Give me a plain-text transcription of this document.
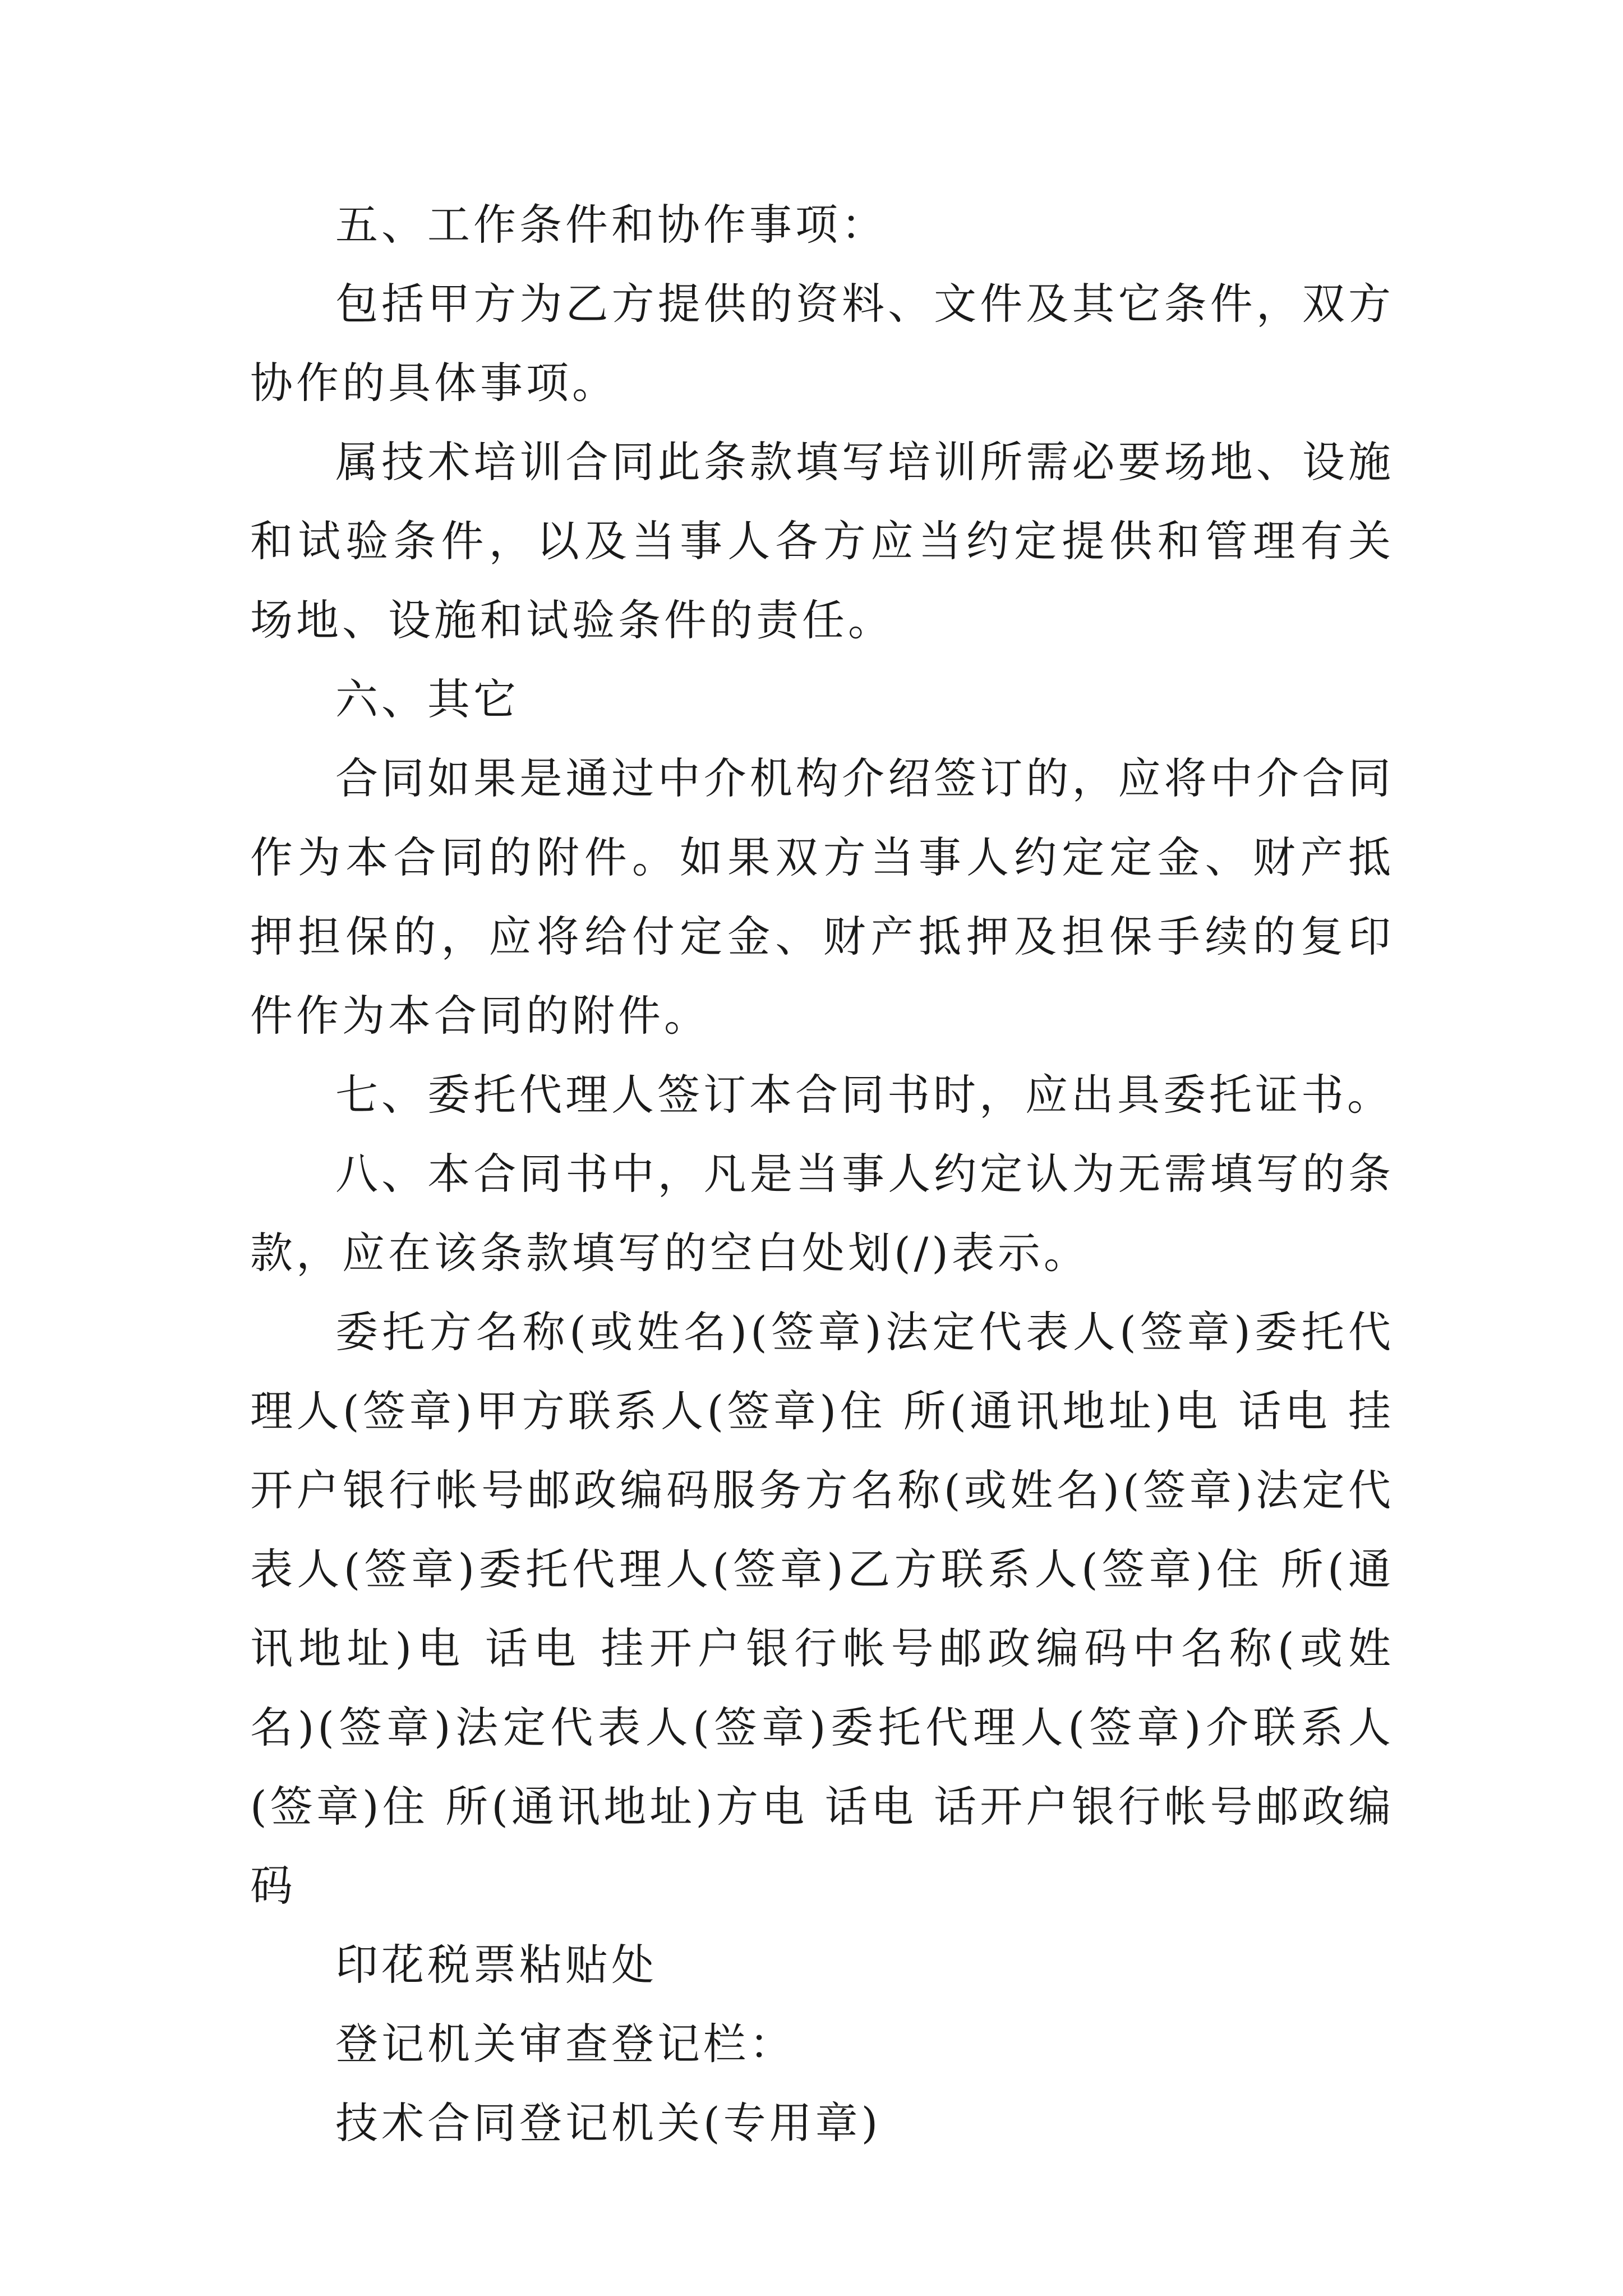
五、工作条件和协作事项：

包括甲方为乙方提供的资料、文件及其它条件，双方协作的具体事项。

属技术培训合同此条款填写培训所需必要场地、设施和试验条件，以及当事人各方应当约定提供和管理有关场地、设施和试验条件的责任。

六、其它

合同如果是通过中介机构介绍签订的，应将中介合同作为本合同的附件。如果双方当事人约定定金、财产抵押担保的，应将给付定金、财产抵押及担保手续的复印件作为本合同的附件。

七、委托代理人签订本合同书时，应出具委托证书。

八、本合同书中，凡是当事人约定认为无需填写的条款，应在该条款填写的空白处划(/)表示。

委托方名称(或姓名)(签章)法定代表人(签章)委托代理人(签章)甲方联系人(签章)住 所(通讯地址)电 话电 挂开户银行帐号邮政编码服务方名称(或姓名)(签章)法定代表人(签章)委托代理人(签章)乙方联系人(签章)住 所(通讯地址)电 话电 挂开户银行帐号邮政编码中名称(或姓名)(签章)法定代表人(签章)委托代理人(签章)介联系人(签章)住 所(通讯地址)方电 话电 话开户银行帐号邮政编码

印花税票粘贴处

登记机关审查登记栏：

技术合同登记机关(专用章)
